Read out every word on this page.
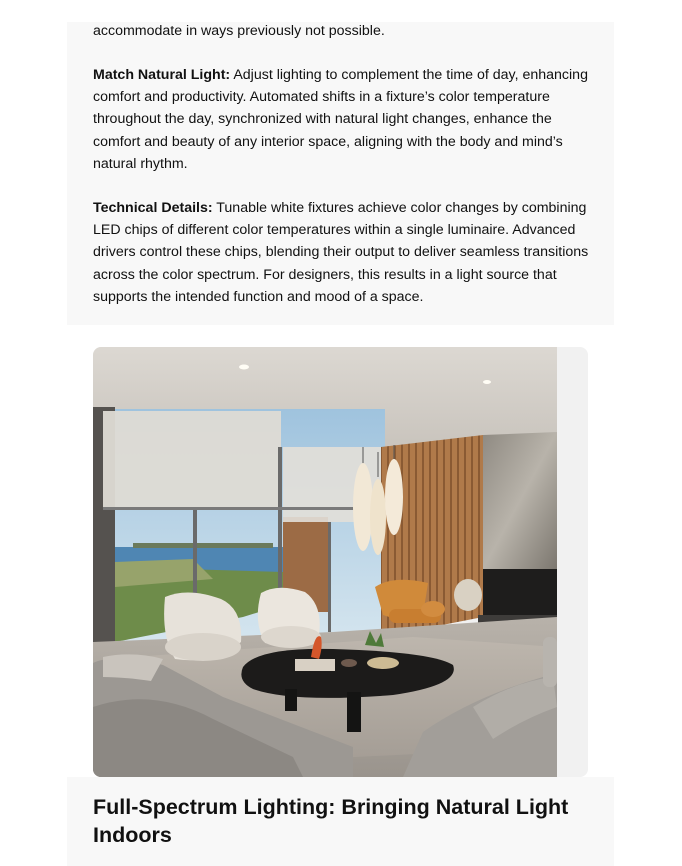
accommodate in ways previously not possible.
Match Natural Light: Adjust lighting to complement the time of day, enhancing comfort and productivity. Automated shifts in a fixture’s color temperature throughout the day, synchronized with natural light changes, enhance the comfort and beauty of any interior space, aligning with the body and mind’s natural rhythm.
Technical Details: Tunable white fixtures achieve color changes by combining LED chips of different color temperatures within a single luminaire. Advanced drivers control these chips, blending their output to deliver seamless transitions across the color spectrum. For designers, this results in a light source that supports the intended function and mood of a space.
Full-Spectrum Lighting: Bringing Natural Light Indoors
